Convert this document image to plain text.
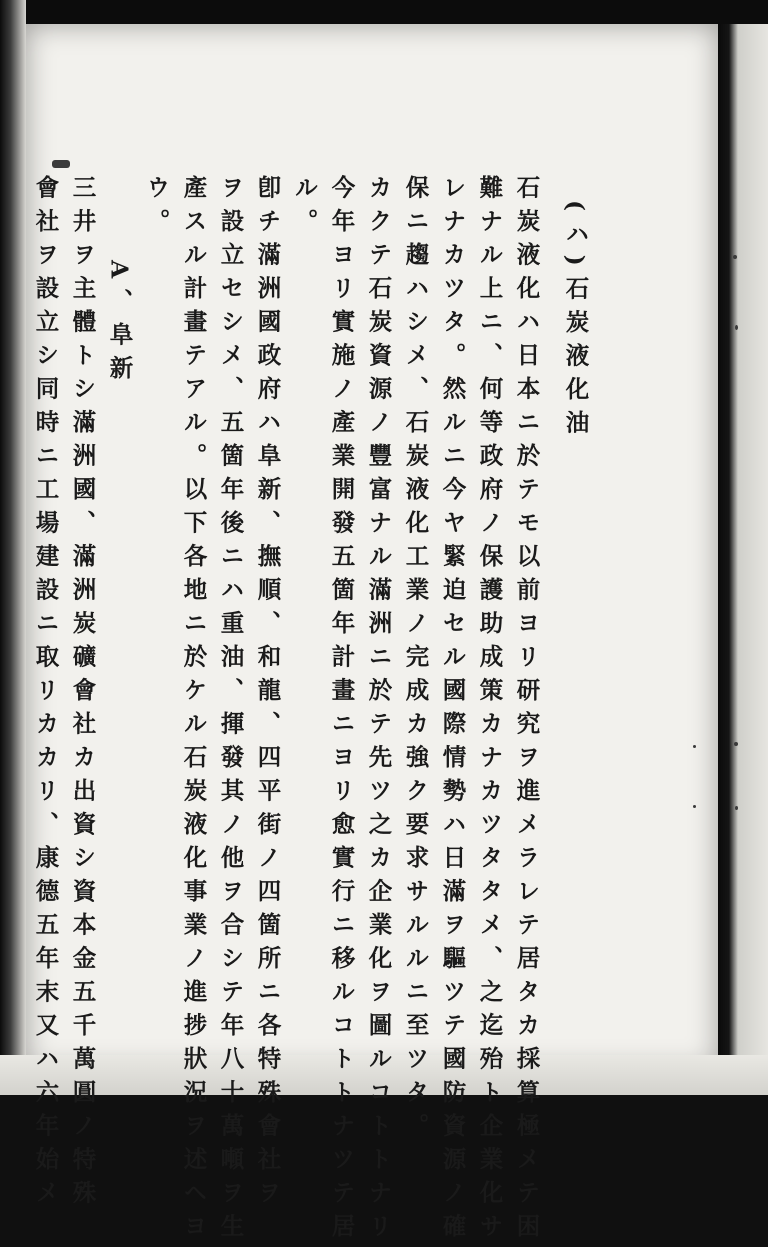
(ハ)石炭液化油
石炭液化ハ日本ニ於テモ以前ヨリ研究ヲ進メラレテ居タカ採算極メテ困
難ナル上ニ、何等政府ノ保護助成策カナカツタタメ、之迄殆ト企業化サ
レナカツタ。然ルニ今ヤ緊迫セル國際情勢ハ日滿ヲ驅ツテ國防資源ノ確
保ニ趨ハシメ、石炭液化工業ノ完成カ強ク要求サルルニ至ツタ。
カクテ石炭資源ノ豐富ナル滿洲ニ於テ先ツ之カ企業化ヲ圖ルコトトナリ
今年ヨリ實施ノ產業開發五箇年計畫ニヨリ愈實行ニ移ルコトトナツテ居
ル。
卽チ滿洲國政府ハ阜新、撫順、和龍、四平街ノ四箇所ニ各特殊會社ヲ
ヲ設立セシメ、五箇年後ニハ重油、揮發其ノ他ヲ合シテ年八十萬噸ヲ生
產スル計畫テアル。以下各地ニ於ケル石炭液化事業ノ進捗狀況ヲ述ヘヨ
ウ。
A、阜新
三井ヲ主體トシ滿洲國、滿洲炭礦會社カ出資シ資本金五千萬圓ノ特殊
會社ヲ設立シ同時ニ工場建設ニ取リカカリ、康德五年末又ハ六年始メ
